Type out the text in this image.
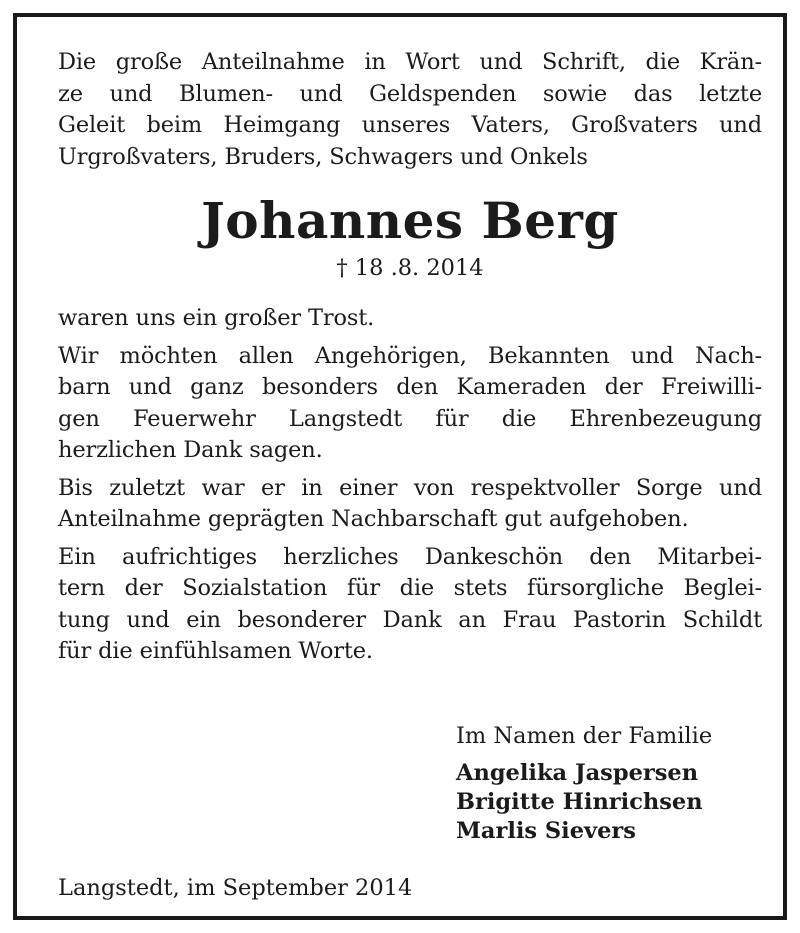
Die große Anteilnahme in Wort und Schrift, die Krän-
ze und Blumen- und Geldspenden sowie das letzte
Geleit beim Heimgang unseres Vaters, Großvaters und
Urgroßvaters, Bruders, Schwagers und Onkels

Johannes Berg
† 18 .8. 2014

waren uns ein großer Trost.

Wir möchten allen Angehörigen, Bekannten und Nach-
barn und ganz besonders den Kameraden der Freiwilli-
gen Feuerwehr Langstedt für die Ehrenbezeugung
herzlichen Dank sagen.

Bis zuletzt war er in einer von respektvoller Sorge und
Anteilnahme geprägten Nachbarschaft gut aufgehoben.

Ein aufrichtiges herzliches Dankeschön den Mitarbei-
tern der Sozialstation für die stets fürsorgliche Beglei-
tung und ein besonderer Dank an Frau Pastorin Schildt
für die einfühlsamen Worte.

Im Namen der Familie

Angelika Jaspersen

Brigitte Hinrichsen

Marlis Sievers

Langstedt, im September 2014
